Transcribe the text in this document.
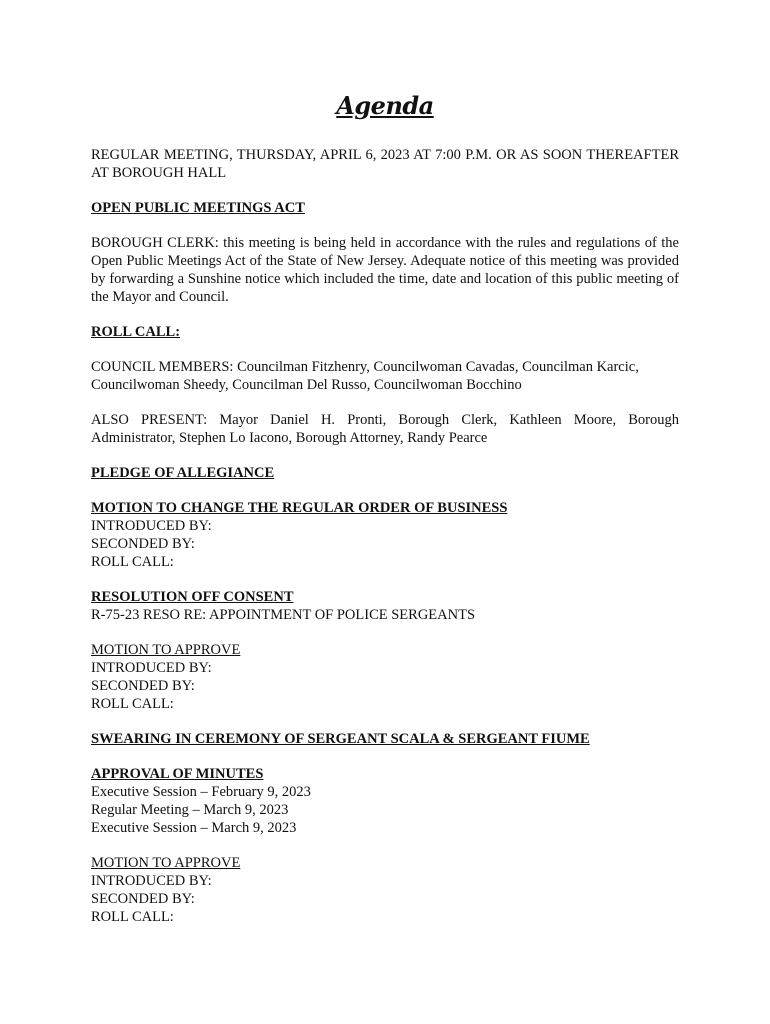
Agenda

REGULAR MEETING, THURSDAY, APRIL 6, 2023 AT 7:00 P.M. OR AS SOON THEREAFTER AT BOROUGH HALL

OPEN PUBLIC MEETINGS ACT

BOROUGH CLERK: this meeting is being held in accordance with the rules and regulations of the Open Public Meetings Act of the State of New Jersey. Adequate notice of this meeting was provided by forwarding a Sunshine notice which included the time, date and location of this public meeting of the Mayor and Council.

ROLL CALL:

COUNCIL MEMBERS: Councilman Fitzhenry, Councilwoman Cavadas, Councilman Karcic, Councilwoman Sheedy, Councilman Del Russo, Councilwoman Bocchino

ALSO PRESENT: Mayor Daniel H. Pronti, Borough Clerk, Kathleen Moore, Borough Administrator, Stephen Lo Iacono, Borough Attorney, Randy Pearce

PLEDGE OF ALLEGIANCE
MOTION TO CHANGE THE REGULAR ORDER OF BUSINESS
INTRODUCED BY:
SECONDED BY:
ROLL CALL:
RESOLUTION OFF CONSENT
R-75-23 RESO RE: APPOINTMENT OF POLICE SERGEANTS
MOTION TO APPROVE
INTRODUCED BY:
SECONDED BY:
ROLL CALL:
SWEARING IN CEREMONY OF SERGEANT SCALA & SERGEANT FIUME
APPROVAL OF MINUTES
Executive Session – February 9, 2023
Regular Meeting – March 9, 2023
Executive Session – March 9, 2023
MOTION TO APPROVE
INTRODUCED BY:
SECONDED BY:
ROLL CALL:
